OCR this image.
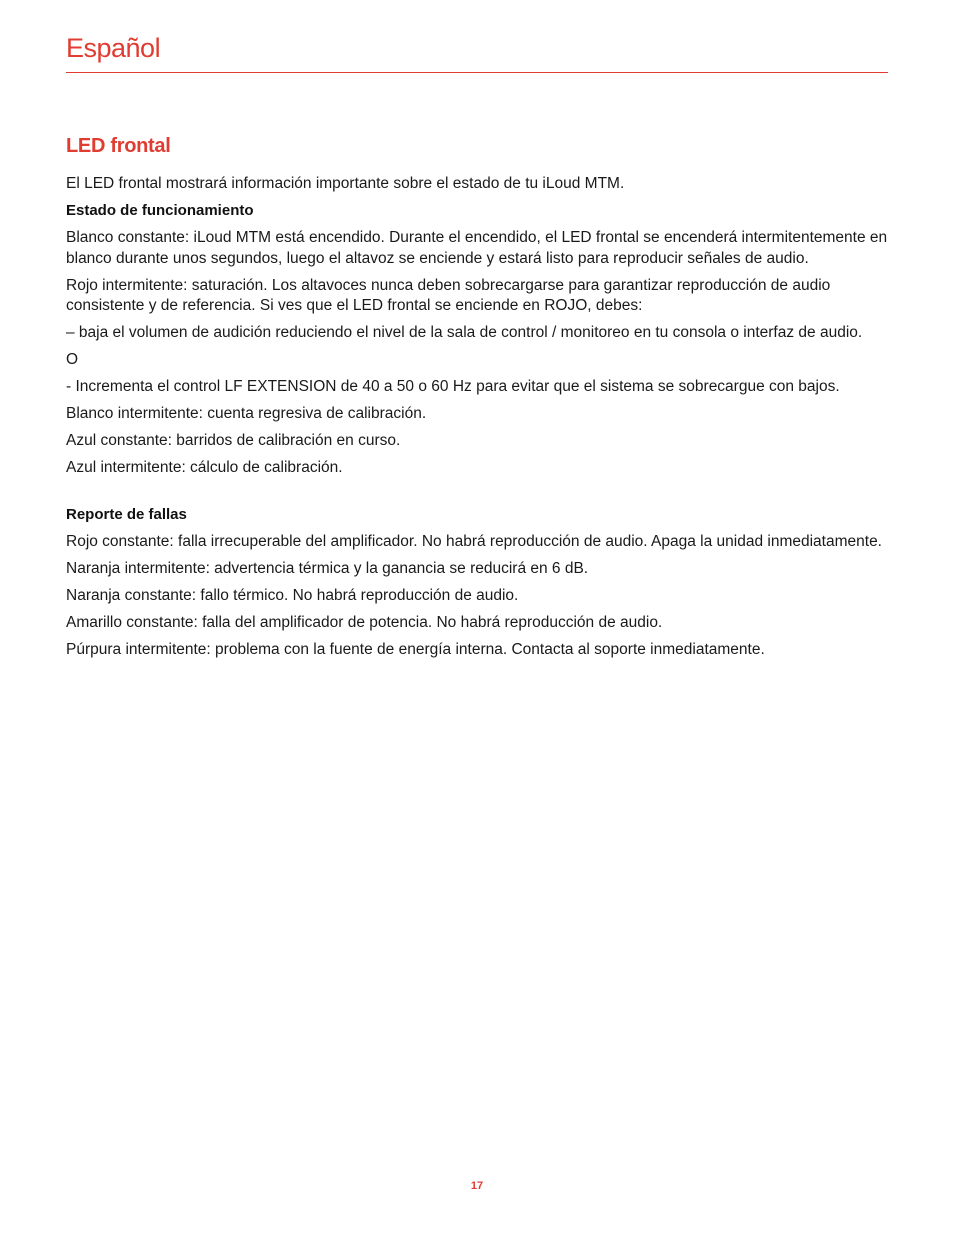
Español
LED frontal

El LED frontal mostrará información importante sobre el estado de tu iLoud MTM.

Estado de funcionamiento

Blanco constante: iLoud MTM está encendido. Durante el encendido, el LED frontal se encenderá intermitentemente en blanco durante unos segundos, luego el altavoz se enciende y estará listo para reproducir señales de audio.

Rojo intermitente: saturación. Los altavoces nunca deben sobrecargarse para garantizar reproducción de audio consistente y de referencia. Si ves que el LED frontal se enciende en ROJO, debes:

– baja el volumen de audición reduciendo el nivel de la sala de control / monitoreo en tu consola o interfaz de audio.

O

- Incrementa el control LF EXTENSION de 40 a 50 o 60 Hz para evitar que el sistema se sobrecargue con bajos.

Blanco intermitente: cuenta regresiva de calibración.

Azul constante: barridos de calibración en curso.

Azul intermitente: cálculo de calibración.

Reporte de fallas

Rojo constante: falla irrecuperable del amplificador. No habrá reproducción de audio. Apaga la unidad inmediatamente.

Naranja intermitente: advertencia térmica y la ganancia se reducirá en 6 dB.

Naranja constante: fallo térmico. No habrá reproducción de audio.

Amarillo constante: falla del amplificador de potencia. No habrá reproducción de audio.

Púrpura intermitente: problema con la fuente de energía interna. Contacta al soporte inmediatamente.

17
